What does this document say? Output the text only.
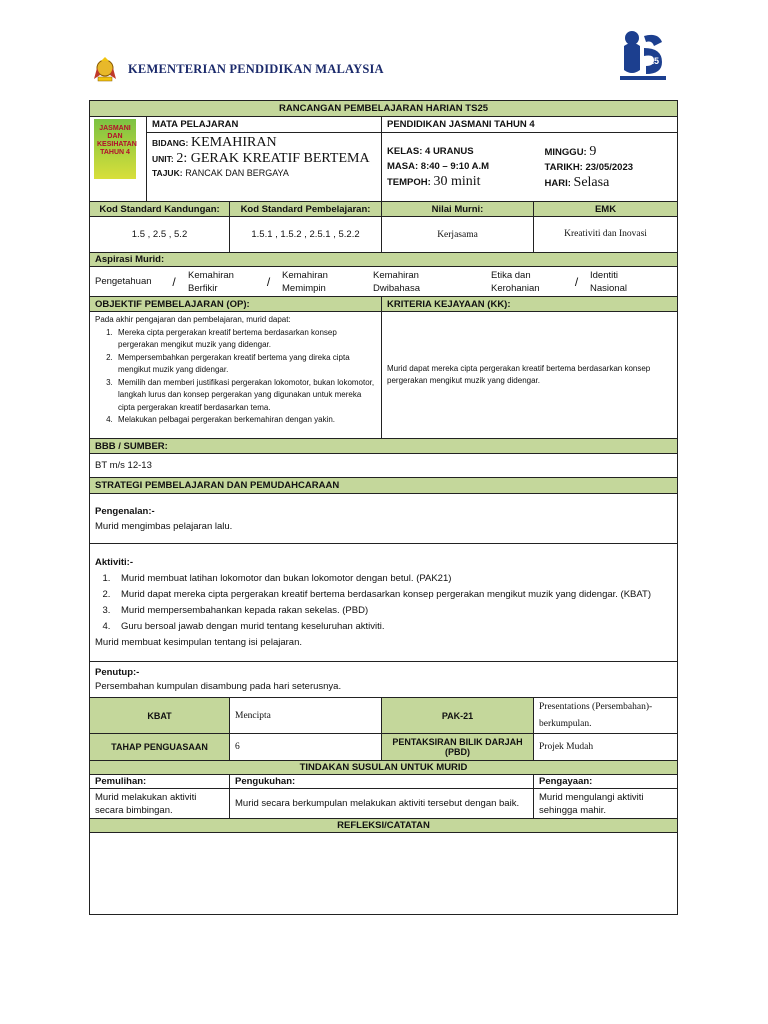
KEMENTERIAN PENDIDIKAN MALAYSIA
25
RANCANGAN PEMBELAJARAN HARIAN TS25

JASMANI DAN KESIHATAN TAHUN 4
	MATA PELAJARAN	PENDIDIKAN JASMANI TAHUN 4

BIDANG: KEMAHIRAN
UNIT: 2: GERAK KREATIF BERTEMA
TAJUK: RANCAK DAN BERGAYA

KELAS: 4 URANUS
MASA: 8:40 – 9:10 A.M
TEMPOH: 30 minit

MINGGU: 9
TARIKH: 23/05/2023
HARI: Selasa

Kod Standard Kandungan:	Kod Standard Pembelajaran:	Nilai Murni:	EMK
1.5 , 2.5 , 5.2	1.5.1 , 1.5.2 , 2.5.1 , 5.2.2	Kerjasama	Kreativiti dan Inovasi
Aspirasi Murid:

Pengetahuan	/	Kemahiran Berfikir	/	Kemahiran Memimpin		Kemahiran Dwibahasa		Etika dan Kerohanian	/	Identiti Nasional	

OBJEKTIF PEMBELAJARAN (OP):	KRITERIA KEJAYAAN (KK):

Pada akhir pengajaran dan pembelajaran, murid dapat:
1. Mereka cipta pergerakan kreatif bertema berdasarkan konsep pergerakan mengikut muzik yang didengar.
2. Mempersembahkan pergerakan kreatif bertema yang direka cipta mengikut muzik yang didengar.
3. Memilih dan memberi justifikasi pergerakan lokomotor, bukan lokomotor, langkah lurus dan konsep pergerakan yang digunakan untuk mereka cipta pergerakan kreatif berdasarkan tema.
4. Melakukan pelbagai pergerakan berkemahiran dengan yakin.
	Murid dapat mereka cipta pergerakan kreatif bertema berdasarkan konsep pergerakan mengikut muzik yang didengar.
BBB / SUMBER:
BT m/s 12-13
STRATEGI PEMBELAJARAN DAN PEMUDAHCARAAN

Pengenalan:-
Murid mengimbas pelajaran lalu.

Aktiviti:-
1. Murid membuat latihan lokomotor dan bukan lokomotor dengan betul. (PAK21)
2. Murid dapat mereka cipta pergerakan kreatif bertema berdasarkan konsep pergerakan mengikut muzik yang didengar. (KBAT)
3. Murid mempersembahankan kepada rakan sekelas. (PBD)
4. Guru bersoal jawab dengan murid tentang keseluruhan aktiviti.
Murid membuat kesimpulan tentang isi pelajaran.

Penutup:-
Persembahan kumpulan disambung pada hari seterusnya.

KBAT	Mencipta	PAK-21	Presentations (Persembahan)- berkumpulan.
TAHAP PENGUASAAN	6	PENTAKSIRAN BILIK DARJAH (PBD)	Projek Mudah
TINDAKAN SUSULAN UNTUK MURID
Pemulihan:	Pengukuhan:	Pengayaan:
Murid melakukan aktiviti secara bimbingan.	Murid secara berkumpulan melakukan aktiviti tersebut dengan baik.	Murid mengulangi aktiviti sehingga mahir.
REFLEKSI/CATATAN
